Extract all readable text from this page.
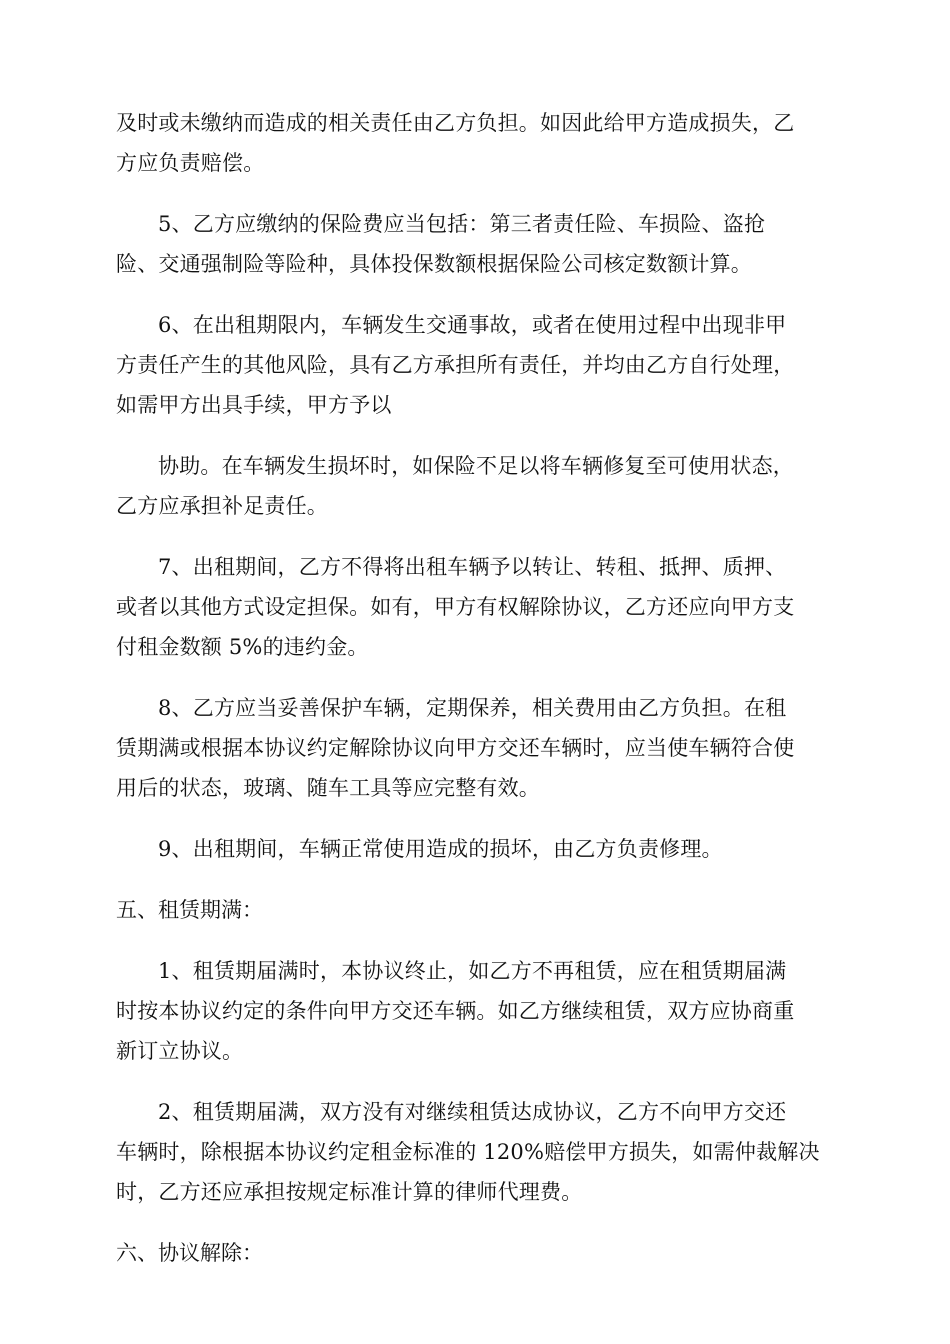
及时或未缴纳而造成的相关责任由乙方负担。如因此给甲方造成损失，乙
方应负责赔偿。

5、乙方应缴纳的保险费应当包括：第三者责任险、车损险、盗抢
险、交通强制险等险种，具体投保数额根据保险公司核定数额计算。

6、在出租期限内，车辆发生交通事故，或者在使用过程中出现非甲
方责任产生的其他风险，具有乙方承担所有责任，并均由乙方自行处理，
如需甲方出具手续，甲方予以

协助。在车辆发生损坏时，如保险不足以将车辆修复至可使用状态，
乙方应承担补足责任。

7、出租期间，乙方不得将出租车辆予以转让、转租、抵押、质押、
或者以其他方式设定担保。如有，甲方有权解除协议，乙方还应向甲方支
付租金数额 5%的违约金。

8、乙方应当妥善保护车辆，定期保养，相关费用由乙方负担。在租
赁期满或根据本协议约定解除协议向甲方交还车辆时，应当使车辆符合使
用后的状态，玻璃、随车工具等应完整有效。

9、出租期间，车辆正常使用造成的损坏，由乙方负责修理。

五、租赁期满：

1、租赁期届满时，本协议终止，如乙方不再租赁，应在租赁期届满
时按本协议约定的条件向甲方交还车辆。如乙方继续租赁，双方应协商重
新订立协议。

2、租赁期届满，双方没有对继续租赁达成协议，乙方不向甲方交还
车辆时，除根据本协议约定租金标准的 120%赔偿甲方损失，如需仲裁解决
时，乙方还应承担按规定标准计算的律师代理费。

六、协议解除：
